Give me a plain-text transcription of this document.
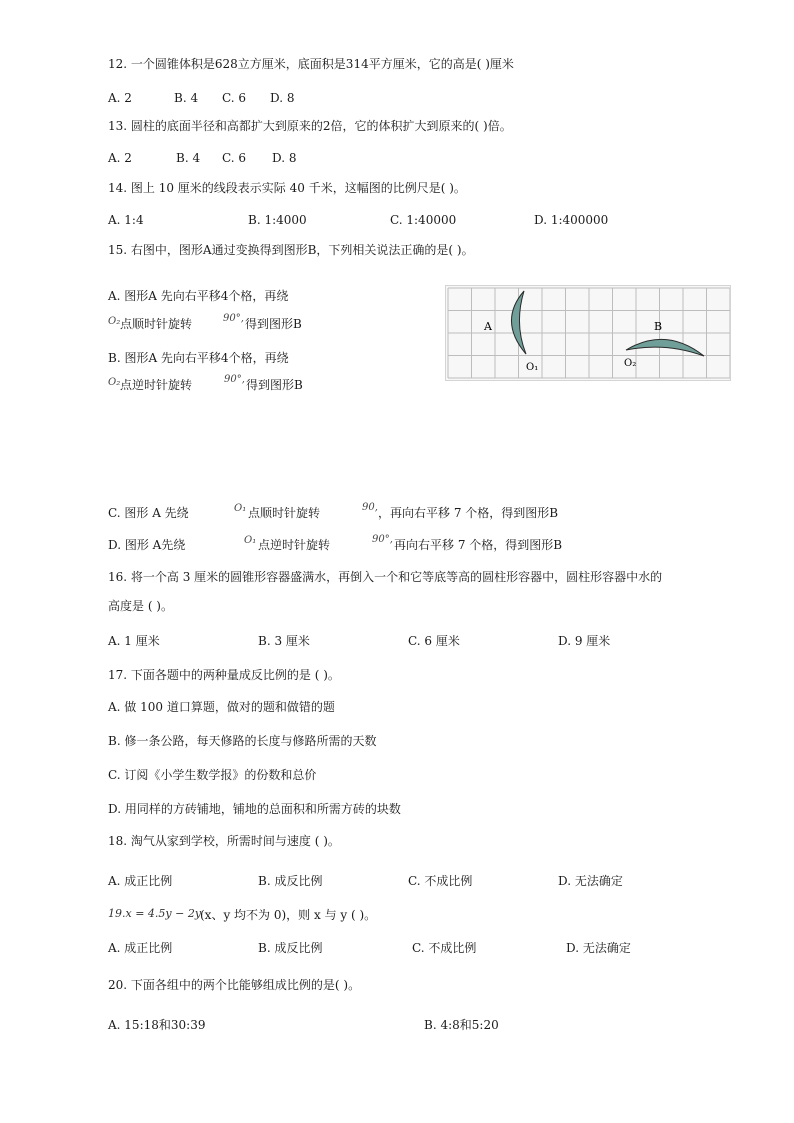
12. 一个圆锥体积是628立方厘米，底面积是314平方厘米，它的高是( )厘米
A. 2	B. 4 C. 6 D. 8
13. 圆柱的底面半径和高都扩大到原来的2倍，它的体积扩大到原来的( )倍。
A. 2	B. 4 C. 6 D. 8
14. 图上 10 厘米的线段表示实际 40 千米，这幅图的比例尺是( )。
A. 1:4	B. 1:4000	C. 1:40000	D. 1:400000
15. 右图中，图形A通过变换得到图形B，下列相关说法正确的是( )。
A. 图形A 先向右平移4个格，再绕
O₂ 点顺时针旋转	90°, 得到图形B
B. 图形A 先向右平移4个格，再绕
O₂ 点逆时针旋转	90°, 得到图形B
A	B
O₁	O₂
C. 图形 A 先绕	O₁ 点顺时针旋转	90, ，再向右平移 7 个格，得到图形B
D. 图形 A先绕	O₁ 点逆时针旋转	90°, 再向右平移 7 个格，得到图形B
16. 将一个高 3 厘米的圆锥形容器盛满水，再倒入一个和它等底等高的圆柱形容器中，圆柱形容器中水的
高度是 ( )。
A. 1 厘米	B. 3 厘米	C. 6 厘米	D. 9 厘米
17. 下面各题中的两种量成反比例的是 ( )。
A. 做 100 道口算题，做对的题和做错的题
B. 修一条公路，每天修路的长度与修路所需的天数
C. 订阅《小学生数学报》的份数和总价
D. 用同样的方砖铺地，铺地的总面积和所需方砖的块数
18. 淘气从家到学校，所需时间与速度 ( )。
A. 成正比例	B. 成反比例	C. 不成比例	D. 无法确定
19.x = 4.5y − 2y
(x、y 均不为 0)，则 x 与 y ( )。
A. 成正比例	B. 成反比例	C. 不成比例	D. 无法确定
20. 下面各组中的两个比能够组成比例的是( )。
A. 15:18和30:39	B. 4:8和5:20
